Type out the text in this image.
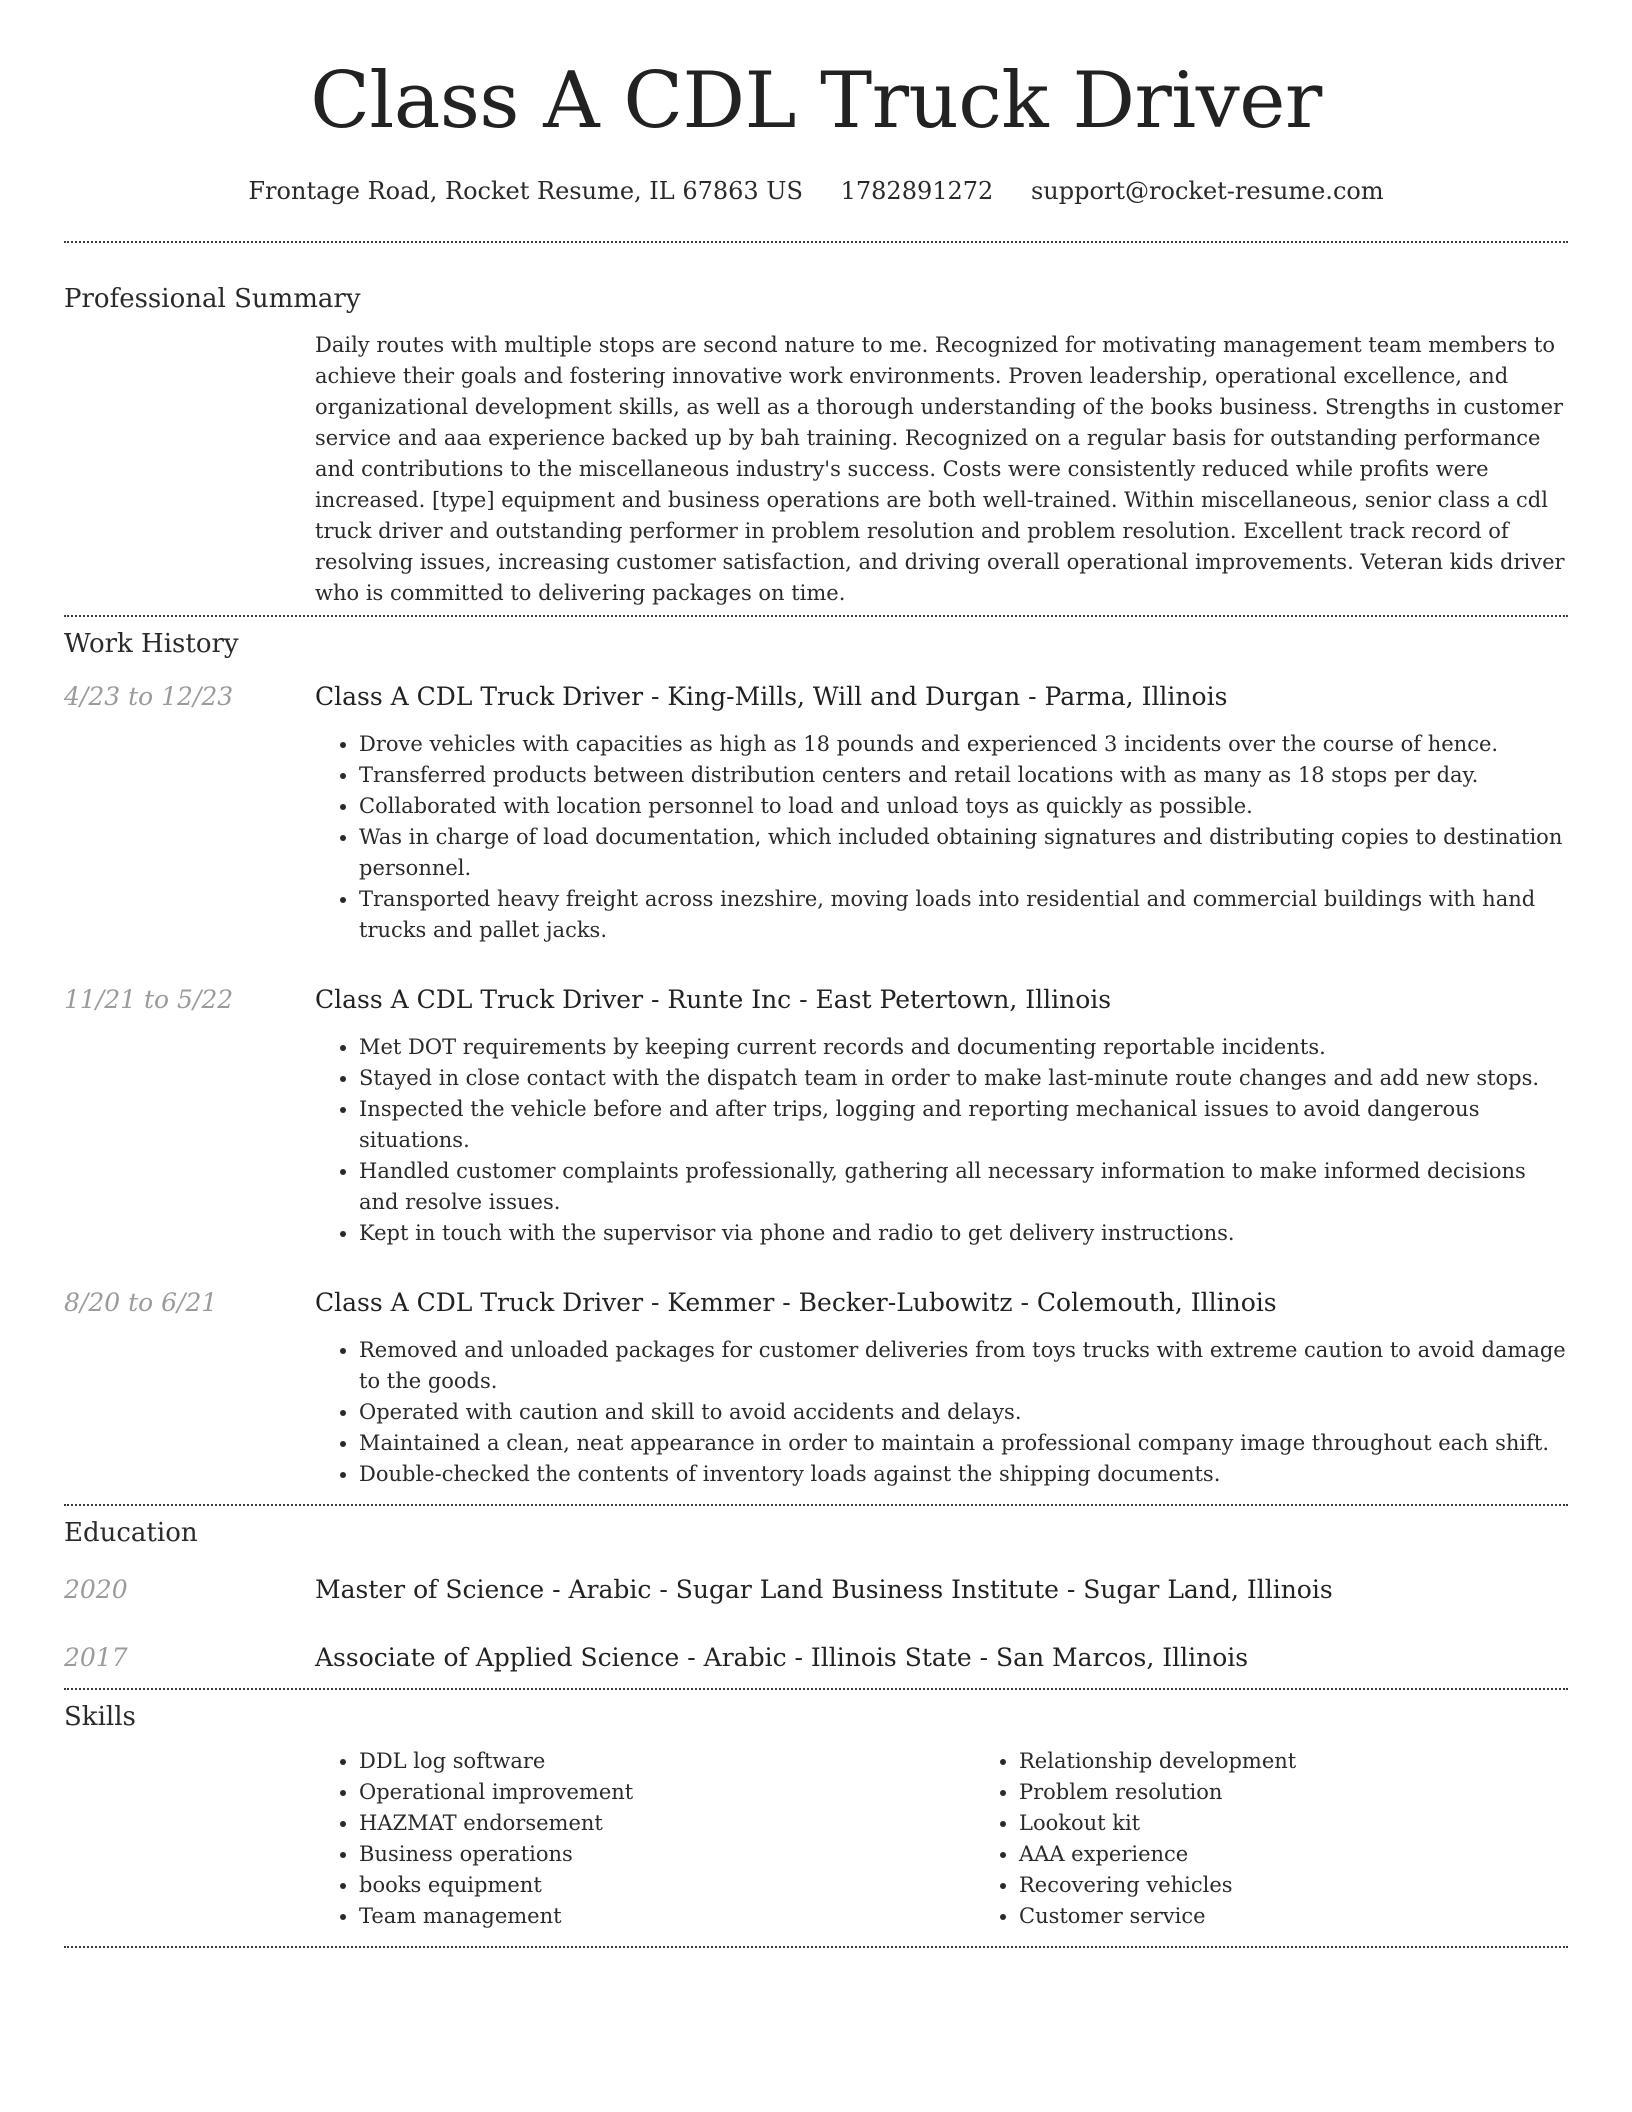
Class A CDL Truck Driver
Frontage Road, Rocket Resume, IL 67863 US 1782891272 support@rocket-resume.com
Professional Summary

Daily routes with multiple stops are second nature to me. Recognized for motivating management team members to achieve their goals and fostering innovative work environments. Proven leadership, operational excellence, and organizational development skills, as well as a thorough understanding of the books business. Strengths in customer service and aaa experience backed up by bah training. Recognized on a regular basis for outstanding performance and contributions to the miscellaneous industry's success. Costs were consistently reduced while profits were increased. [type] equipment and business operations are both well-trained. Within miscellaneous, senior class a cdl truck driver and outstanding performer in problem resolution and problem resolution. Excellent track record of resolving issues, increasing customer satisfaction, and driving overall operational improvements. Veteran kids driver who is committed to delivering packages on time.

Work History
4/23 to 12/23	Class A CDL Truck Driver - King-Mills, Will and Durgan - Parma, Illinois
• Drove vehicles with capacities as high as 18 pounds and experienced 3 incidents over the course of hence.
• Transferred products between distribution centers and retail locations with as many as 18 stops per day.
• Collaborated with location personnel to load and unload toys as quickly as possible.
• Was in charge of load documentation, which included obtaining signatures and distributing copies to destination personnel.
• Transported heavy freight across inezshire, moving loads into residential and commercial buildings with hand trucks and pallet jacks.
11/21 to 5/22	Class A CDL Truck Driver - Runte Inc - East Petertown, Illinois
• Met DOT requirements by keeping current records and documenting reportable incidents.
• Stayed in close contact with the dispatch team in order to make last-minute route changes and add new stops.
• Inspected the vehicle before and after trips, logging and reporting mechanical issues to avoid dangerous situations.
• Handled customer complaints professionally, gathering all necessary information to make informed decisions and resolve issues.
• Kept in touch with the supervisor via phone and radio to get delivery instructions.
8/20 to 6/21	Class A CDL Truck Driver - Kemmer - Becker-Lubowitz - Colemouth, Illinois
• Removed and unloaded packages for customer deliveries from toys trucks with extreme caution to avoid damage to the goods.
• Operated with caution and skill to avoid accidents and delays.
• Maintained a clean, neat appearance in order to maintain a professional company image throughout each shift.
• Double-checked the contents of inventory loads against the shipping documents.
Education
2020	Master of Science - Arabic - Sugar Land Business Institute - Sugar Land, Illinois
2017	Associate of Applied Science - Arabic - Illinois State - San Marcos, Illinois
Skills
• DDL log software
• Operational improvement
• HAZMAT endorsement
• Business operations
• books equipment
• Team management
• Relationship development
• Problem resolution
• Lookout kit
• AAA experience
• Recovering vehicles
• Customer service
